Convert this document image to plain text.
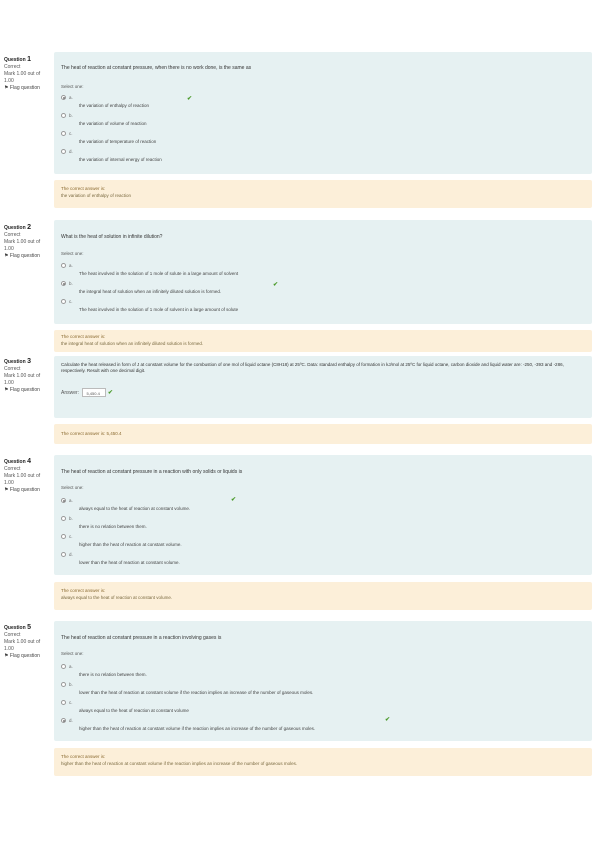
Question 1
Correct
Mark 1.00 out of 1.00
⚑ Flag question
The heat of reaction at constant pressure, when there is no work done, is the same as
Select one:
a.
the variation of enthalpy of reaction
✔
b.
the variation of volume of reaction
c.
the variation of temperature of reaction
d.
the variation of internal energy of reaction
The correct answer is:
the variation of enthalpy of reaction
Question 2
Correct
Mark 1.00 out of 1.00
⚑ Flag question
What is the heat of solution in infinite dilution?
Select one:
a.
The heat involved in the solution of 1 mole of solute in a large amount of solvent
b.
the integral heat of solution when an infinitely diluted solution is formed.
✔
c.
The heat involved in the solution of 1 mole of solvent in a large amount of solute
The correct answer is:
the integral heat of solution when an infinitely diluted solution is formed.
Question 3
Correct
Mark 1.00 out of 1.00
⚑ Flag question
Calculate the heat released in form of J at constant volume for the combustion of one mol of liquid octane (C8H18) at 25ºC. Data: standard enthalpy of formation in kJ/mol at 25ºC for liquid octane, carbon dioxide and liquid water are: -250, -393 and -286, respectively. Result with one decimal digit.
Answer: 5,450.4 ✔
The correct answer is: 5,450.4
Question 4
Correct
Mark 1.00 out of 1.00
⚑ Flag question
The heat of reaction at constant pressure in a reaction with only solids or liquids is
Select one:
a.
always equal to the heat of reaction at constant volume.
✔
b.
there is no relation between them.
c.
higher than the heat of reaction at constant volume.
d.
lower than the heat of reaction at constant volume.
The correct answer is:
always equal to the heat of reaction at constant volume.
Question 5
Correct
Mark 1.00 out of 1.00
⚑ Flag question
The heat of reaction at constant pressure in a reaction involving gases is
Select one:
a.
there is no relation between them.
b.
lower than the heat of reaction at constant volume if the reaction implies an increase of the number of gaseous moles.
c.
always equal to the heat of reaction at constant volume
d.
higher than the heat of reaction at constant volume if the reaction implies an increase of the number of gaseous moles.
✔
The correct answer is:
higher than the heat of reaction at constant volume if the reaction implies an increase of the number of gaseous moles.
